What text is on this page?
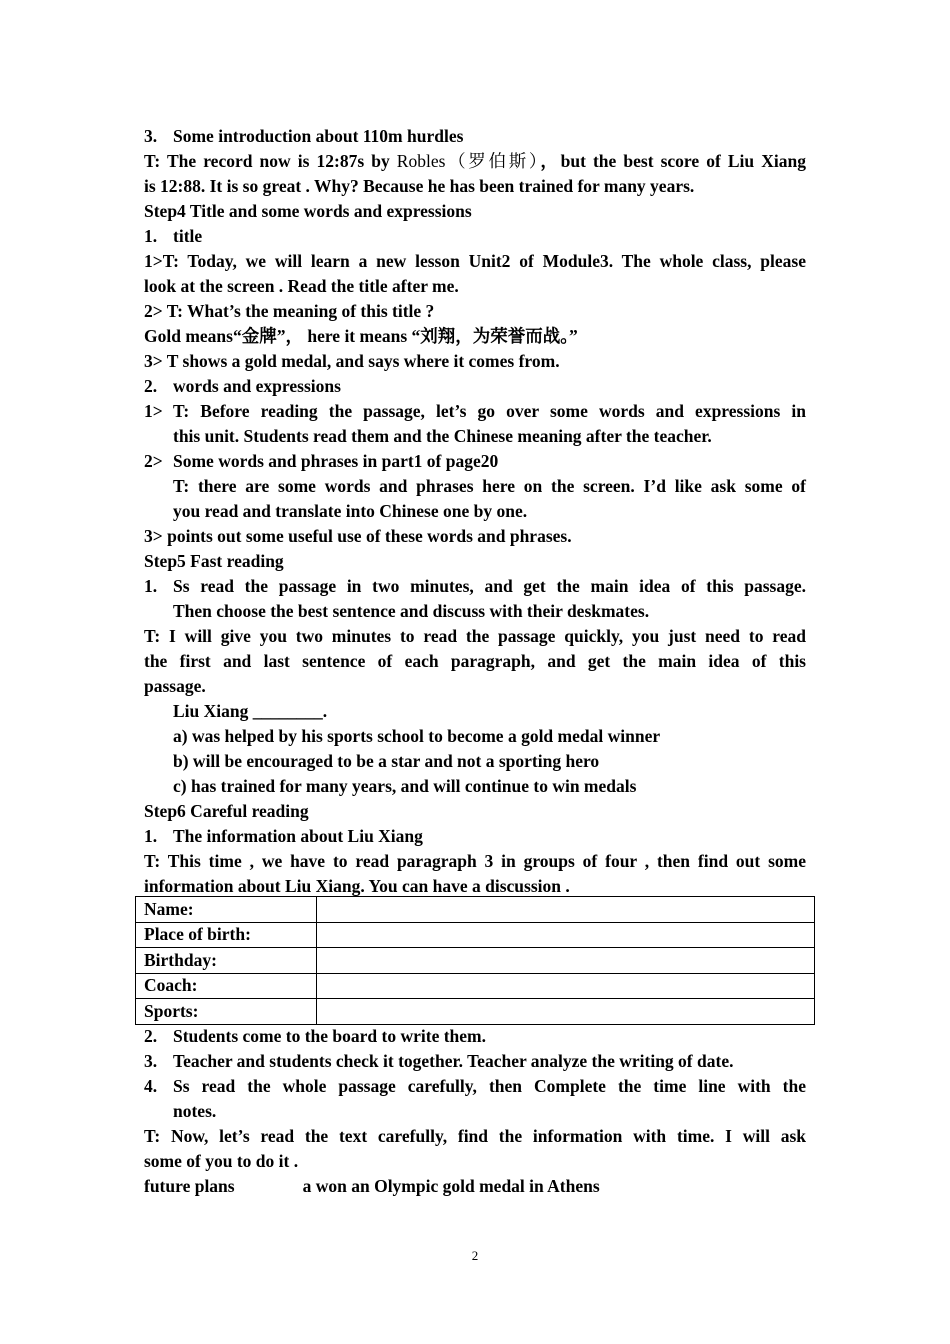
3. Some introduction about 110m hurdles
T: The record now is 12:87s by Robles（罗伯斯），but the best score of Liu Xiang
is 12:88. It is so great . Why? Because he has been trained for many years.
Step4 Title and some words and expressions
1. title
1>T: Today, we will learn a new lesson Unit2 of Module3. The whole class, please
look at the screen . Read the title after me.
2> T: What’s the meaning of this title ?
Gold means“金牌”， here it means “刘翔，为荣誉而战。”
3> T shows a gold medal, and says where it comes from.
2. words and expressions
1> T: Before reading the passage, let’s go over some words and expressions in
this unit. Students read them and the Chinese meaning after the teacher.
2> Some words and phrases in part1 of page20
T: there are some words and phrases here on the screen. I’d like ask some of
you read and translate into Chinese one by one.
3> points out some useful use of these words and phrases.
Step5 Fast reading
1. Ss read the passage in two minutes, and get the main idea of this passage.
Then choose the best sentence and discuss with their deskmates.
T: I will give you two minutes to read the passage quickly, you just need to read
the first and last sentence of each paragraph, and get the main idea of this
passage.
Liu Xiang ________.
a) was helped by his sports school to become a gold medal winner
b) will be encouraged to be a star and not a sporting hero
c) has trained for many years, and will continue to win medals
Step6 Careful reading
1. The information about Liu Xiang
T: This time , we have to read paragraph 3 in groups of four , then find out some
information about Liu Xiang. You can have a discussion .
Name:	
Place of birth:	
Birthday:	
Coach:	
Sports:	
2. Students come to the board to write them.
3. Teacher and students check it together. Teacher analyze the writing of date.
4. Ss read the whole passage carefully, then Complete the time line with the
notes.
T: Now, let’s read the text carefully, find the information with time. I will ask
some of you to do it .
future plans	a won an Olympic gold medal in Athens
2
